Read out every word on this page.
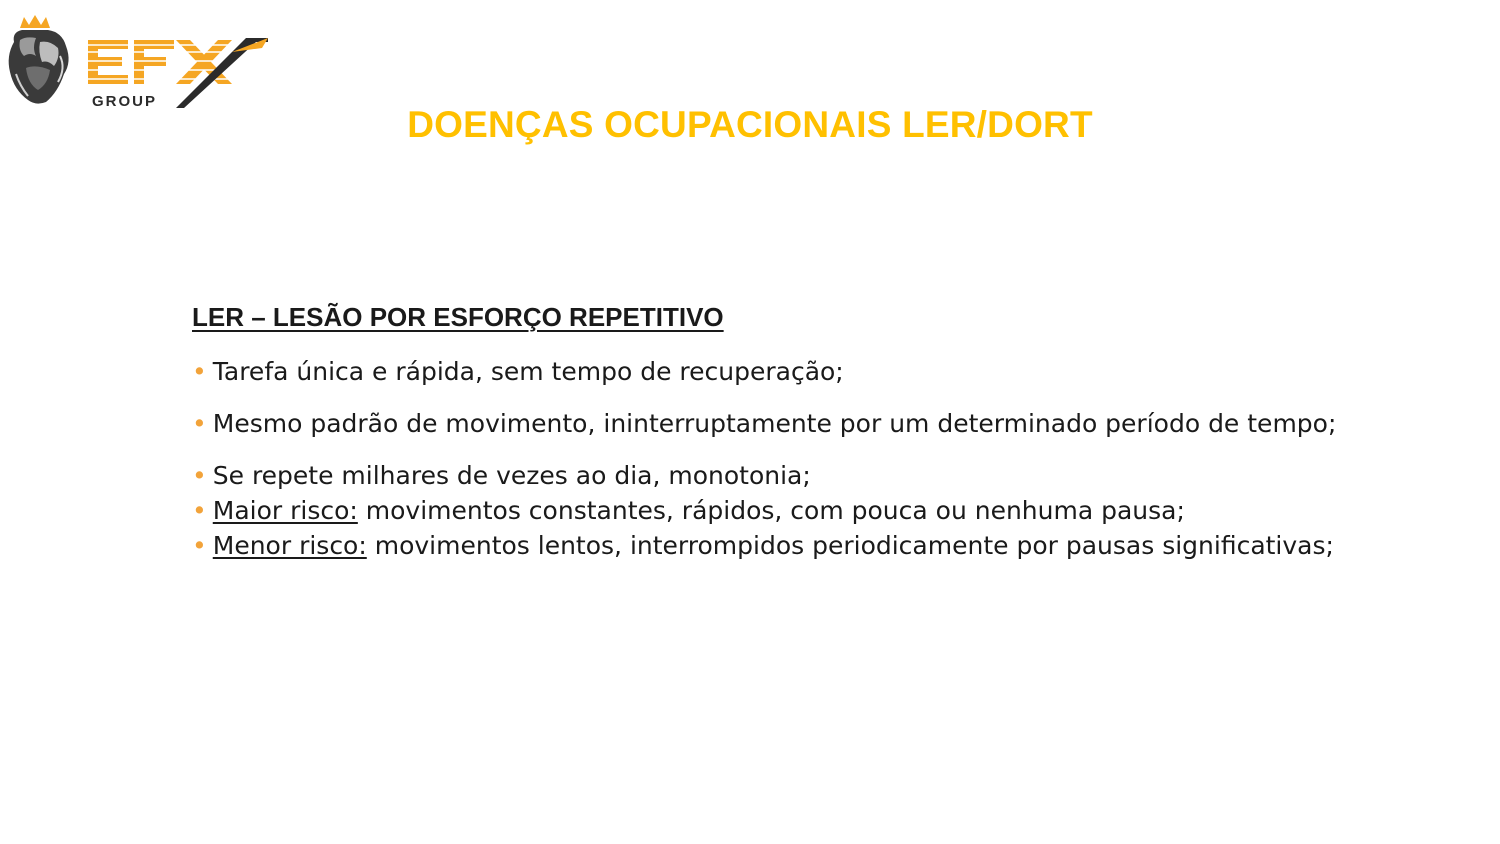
GROUP
DOENÇAS OCUPACIONAIS LER/DORT
LER – LESÃO POR ESFORÇO REPETITIVO

• Tarefa única e rápida, sem tempo de recuperação;

• Mesmo padrão de movimento, ininterruptamente por um determinado período de tempo;

• Se repete milhares de vezes ao dia, monotonia;

• Maior risco: movimentos constantes, rápidos, com pouca ou nenhuma pausa;

• Menor risco: movimentos lentos, interrompidos periodicamente por pausas significativas;
